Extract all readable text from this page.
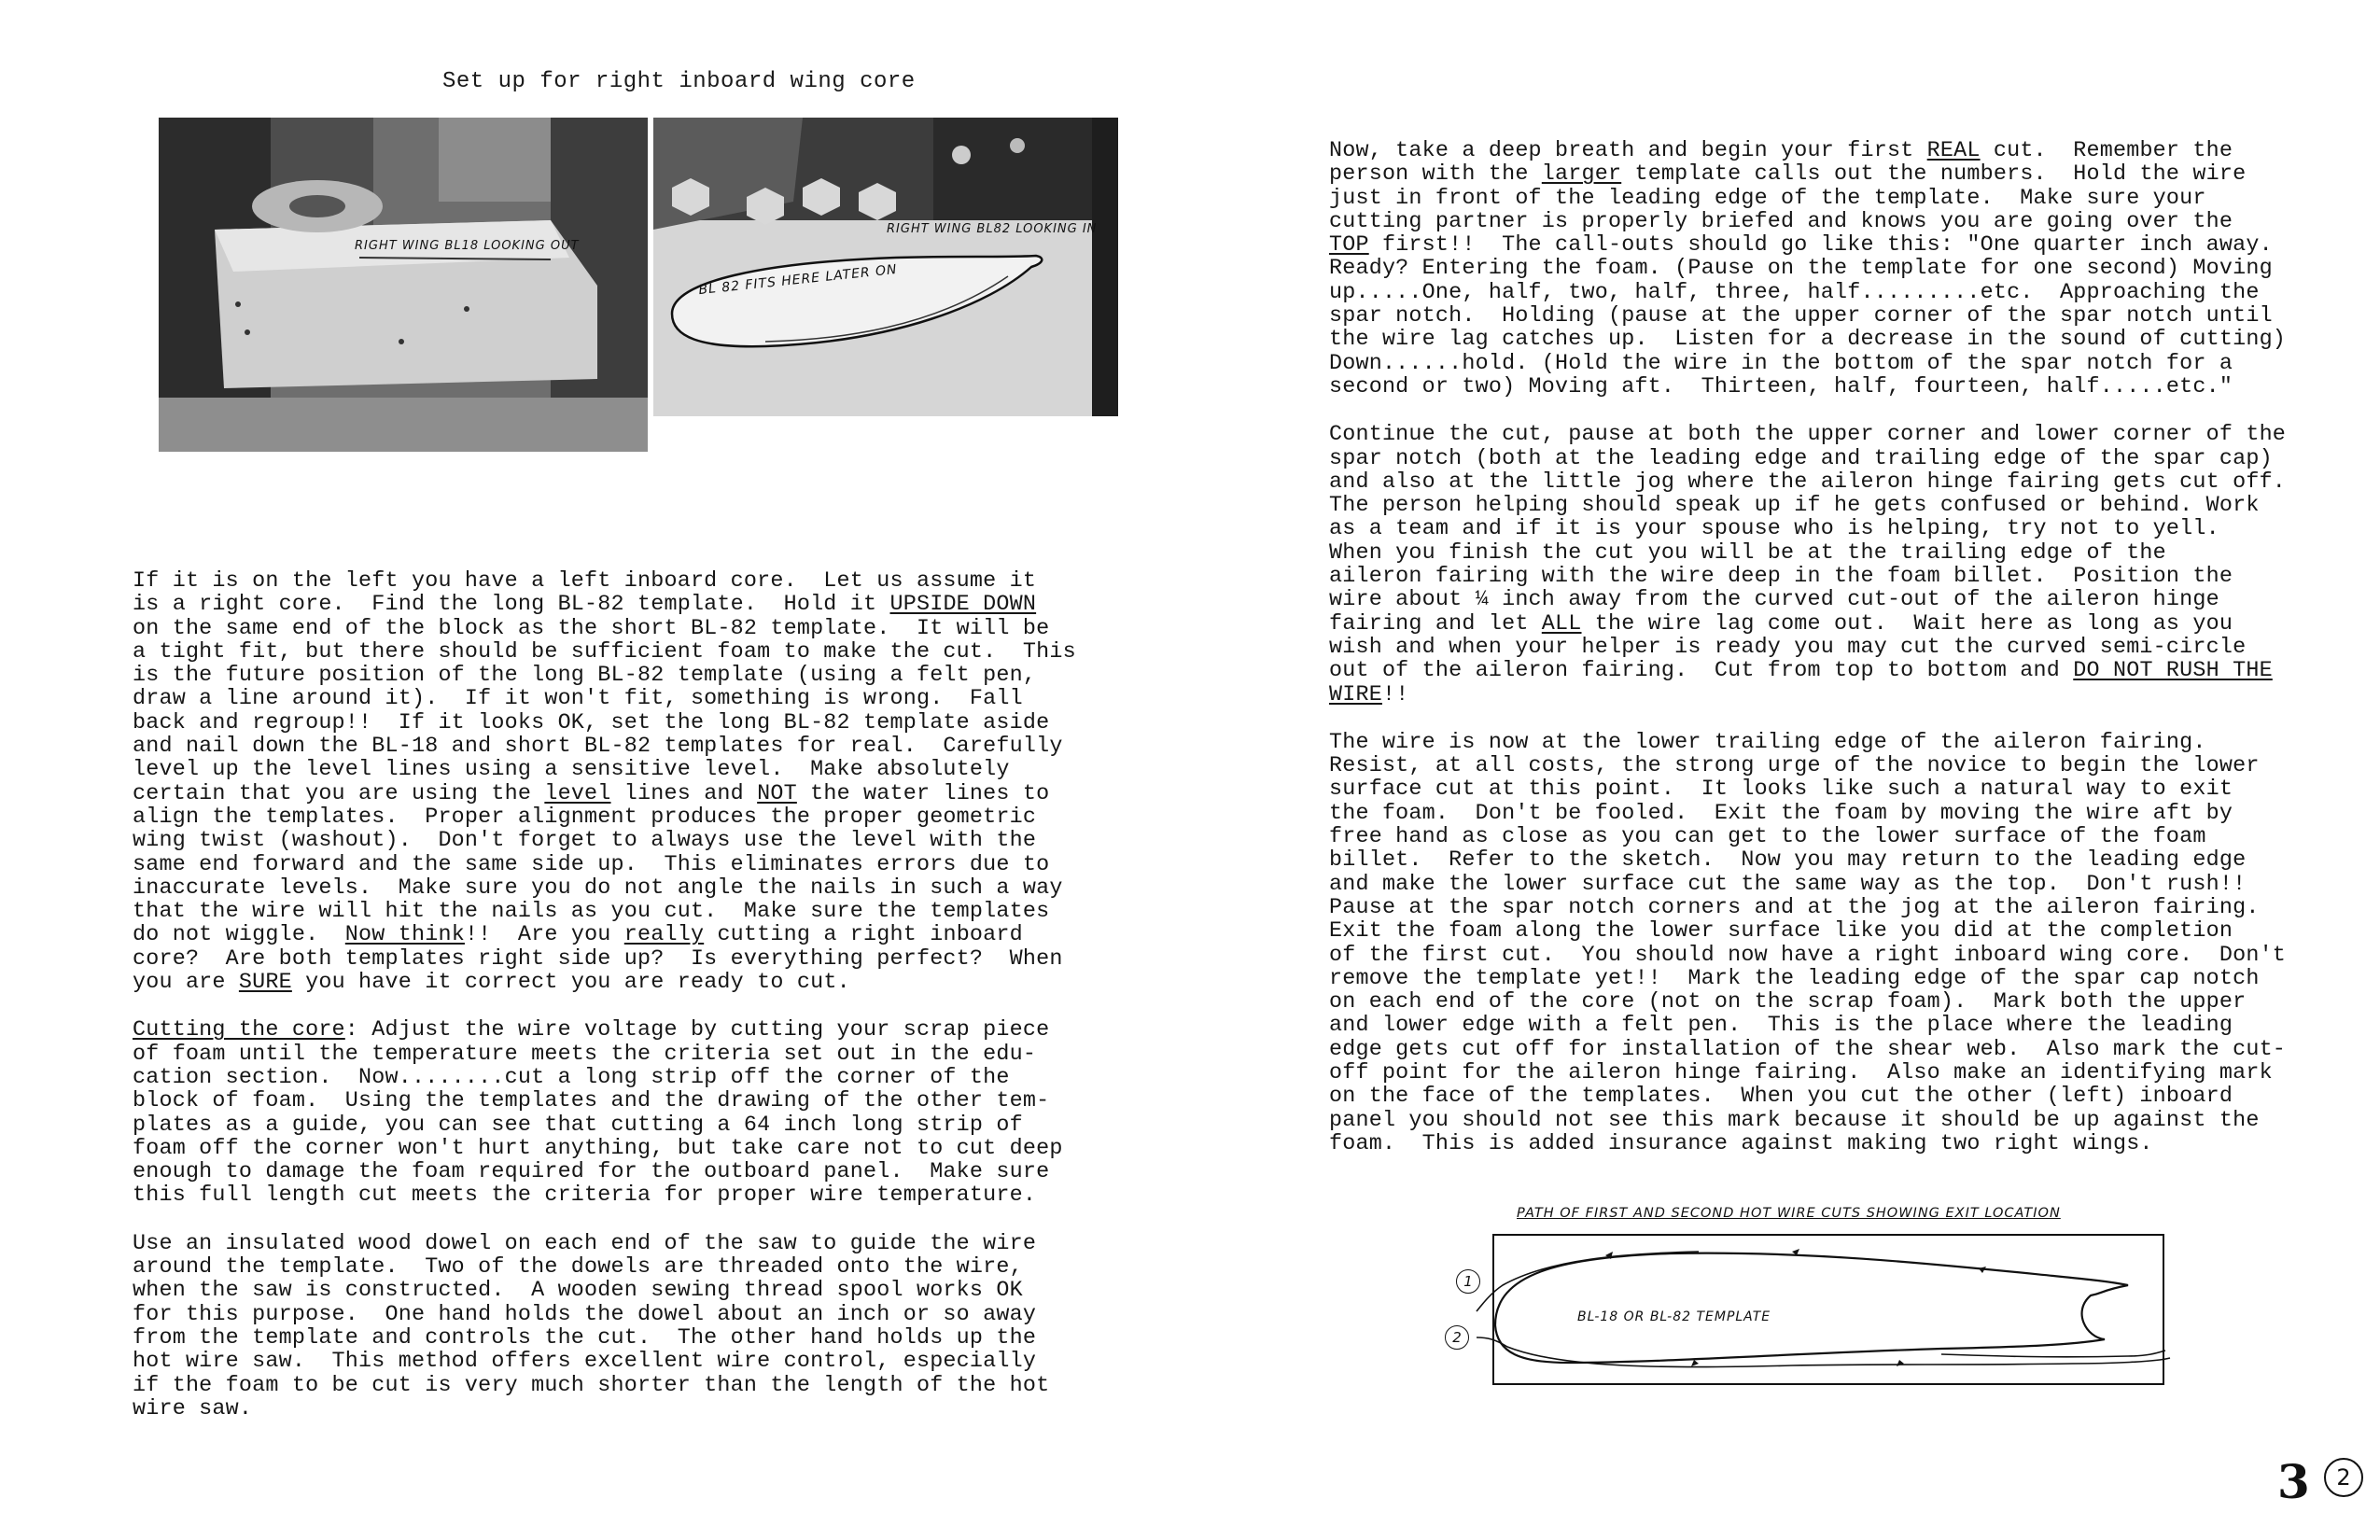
Set up for right inboard wing core
RIGHT WING BL18 LOOKING OUT
RIGHT WING BL82 LOOKING IN
BL 82 FITS HERE LATER ON
If it is on the left you have a left inboard core.  Let us assume it
is a right core.  Find the long BL-82 template.  Hold it UPSIDE DOWN
on the same end of the block as the short BL-82 template.  It will be
a tight fit, but there should be sufficient foam to make the cut.  This
is the future position of the long BL-82 template (using a felt pen,
draw a line around it).  If it won't fit, something is wrong.  Fall
back and regroup!!  If it looks OK, set the long BL-82 template aside
and nail down the BL-18 and short BL-82 templates for real.  Carefully
level up the level lines using a sensitive level.  Make absolutely
certain that you are using the level lines and NOT the water lines to
align the templates.  Proper alignment produces the proper geometric
wing twist (washout).  Don't forget to always use the level with the
same end forward and the same side up.  This eliminates errors due to
inaccurate levels.  Make sure you do not angle the nails in such a way
that the wire will hit the nails as you cut.  Make sure the templates
do not wiggle.  Now think!!  Are you really cutting a right inboard
core?  Are both templates right side up?  Is everything perfect?  When
you are SURE you have it correct you are ready to cut.
Cutting the core: Adjust the wire voltage by cutting your scrap piece
of foam until the temperature meets the criteria set out in the edu-
cation section.  Now........cut a long strip off the corner of the
block of foam.  Using the templates and the drawing of the other tem-
plates as a guide, you can see that cutting a 64 inch long strip of
foam off the corner won't hurt anything, but take care not to cut deep
enough to damage the foam required for the outboard panel.  Make sure
this full length cut meets the criteria for proper wire temperature.
Use an insulated wood dowel on each end of the saw to guide the wire
around the template.  Two of the dowels are threaded onto the wire,
when the saw is constructed.  A wooden sewing thread spool works OK
for this purpose.  One hand holds the dowel about an inch or so away
from the template and controls the cut.  The other hand holds up the
hot wire saw.  This method offers excellent wire control, especially
if the foam to be cut is very much shorter than the length of the hot
wire saw.
Now, take a deep breath and begin your first REAL cut.  Remember the
person with the larger template calls out the numbers.  Hold the wire
just in front of the leading edge of the template.  Make sure your
cutting partner is properly briefed and knows you are going over the
TOP first!!  The call-outs should go like this: "One quarter inch away.
Ready? Entering the foam. (Pause on the template for one second) Moving
up.....One, half, two, half, three, half.........etc.  Approaching the
spar notch.  Holding (pause at the upper corner of the spar notch until
the wire lag catches up.  Listen for a decrease in the sound of cutting)
Down......hold. (Hold the wire in the bottom of the spar notch for a
second or two) Moving aft.  Thirteen, half, fourteen, half.....etc."
Continue the cut, pause at both the upper corner and lower corner of the
spar notch (both at the leading edge and trailing edge of the spar cap)
and also at the little jog where the aileron hinge fairing gets cut off.
The person helping should speak up if he gets confused or behind. Work
as a team and if it is your spouse who is helping, try not to yell.
When you finish the cut you will be at the trailing edge of the
aileron fairing with the wire deep in the foam billet.  Position the
wire about ¼ inch away from the curved cut-out of the aileron hinge
fairing and let ALL the wire lag come out.  Wait here as long as you
wish and when your helper is ready you may cut the curved semi-circle
out of the aileron fairing.  Cut from top to bottom and DO NOT RUSH THE
WIRE!!
The wire is now at the lower trailing edge of the aileron fairing.
Resist, at all costs, the strong urge of the novice to begin the lower
surface cut at this point.  It looks like such a natural way to exit
the foam.  Don't be fooled.  Exit the foam by moving the wire aft by
free hand as close as you can get to the lower surface of the foam
billet.  Refer to the sketch.  Now you may return to the leading edge
and make the lower surface cut the same way as the top.  Don't rush!!
Pause at the spar notch corners and at the jog at the aileron fairing.
Exit the foam along the lower surface like you did at the completion
of the first cut.  You should now have a right inboard wing core.  Don't
remove the template yet!!  Mark the leading edge of the spar cap notch
on each end of the core (not on the scrap foam).  Mark both the upper
and lower edge with a felt pen.  This is the place where the leading
edge gets cut off for installation of the shear web.  Also mark the cut-
off point for the aileron hinge fairing.  Also make an identifying mark
on the face of the templates.  When you cut the other (left) inboard
panel you should not see this mark because it should be up against the
foam.  This is added insurance against making two right wings.
PATH OF FIRST AND SECOND HOT WIRE CUTS SHOWING EXIT LOCATION
BL-18 OR BL-82 TEMPLATE
1
2
3	2
